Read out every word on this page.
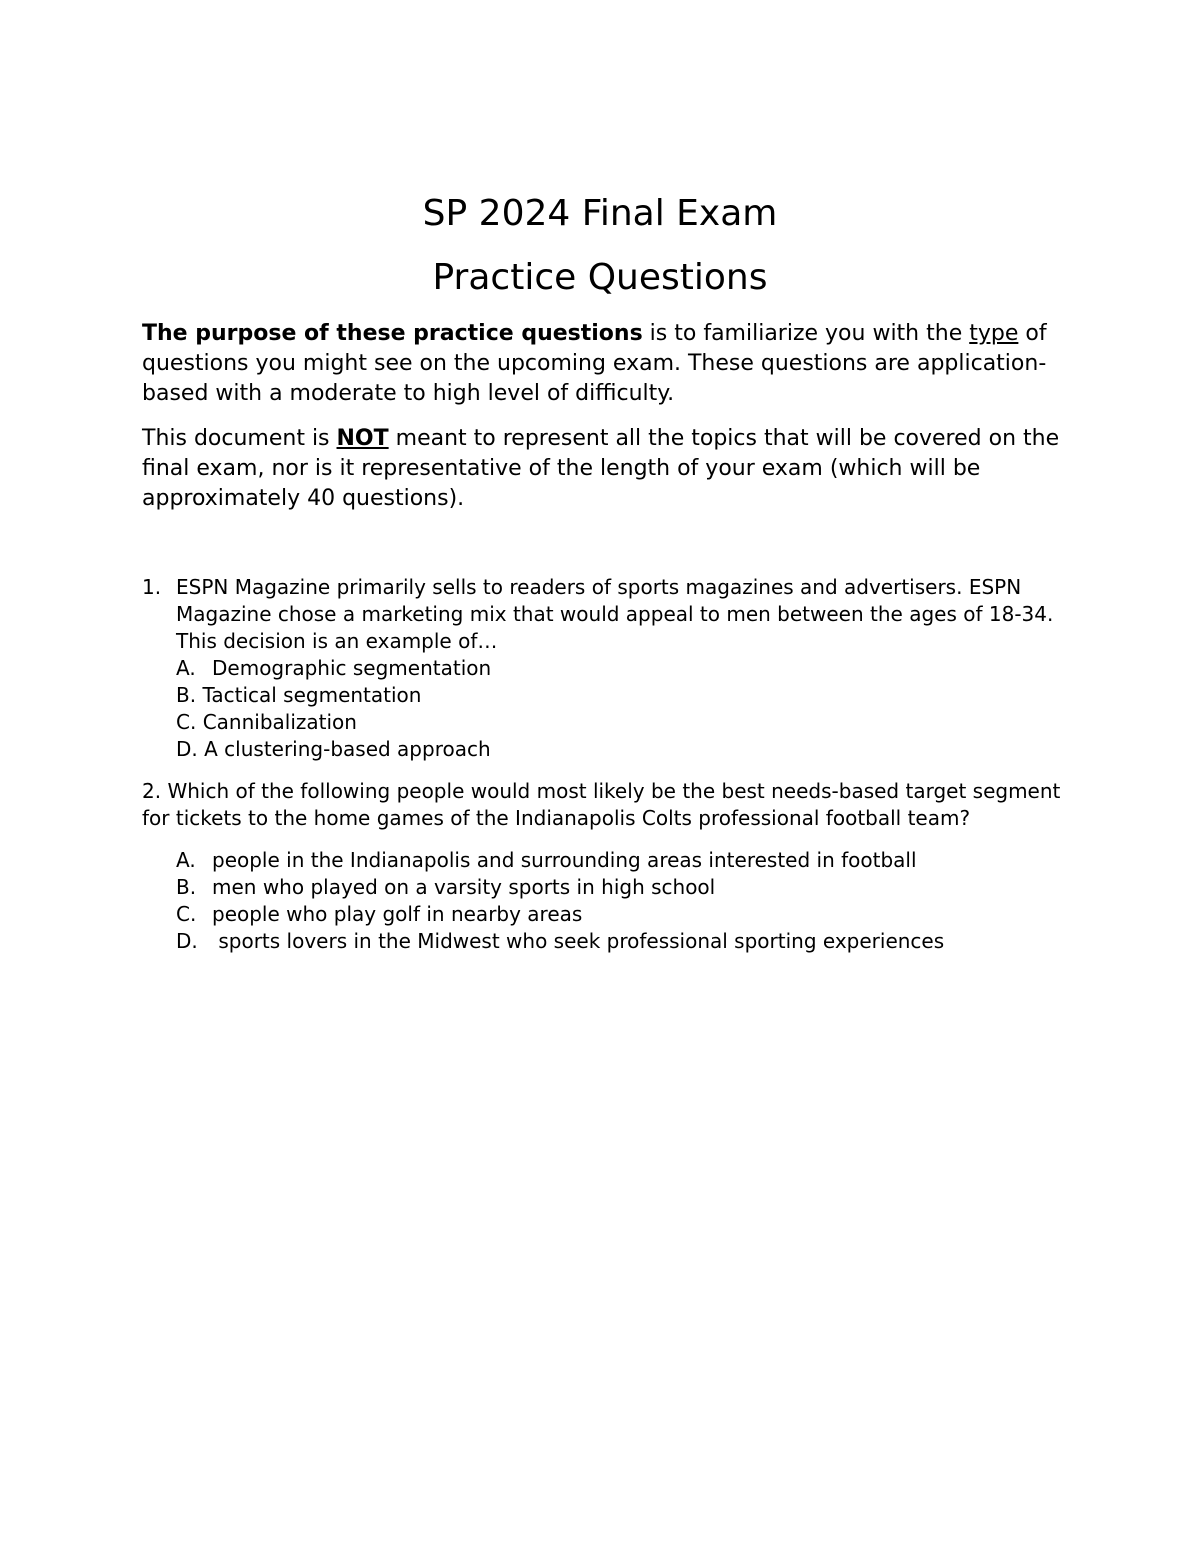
SP 2024 Final Exam
Practice Questions

The purpose of these practice questions is to familiarize you with the type of questions you might see on the upcoming exam. These questions are application-based with a moderate to high level of difficulty.

This document is NOT meant to represent all the topics that will be covered on the final exam, nor is it representative of the length of your exam (which will be approximately 40 questions).

1. ESPN Magazine primarily sells to readers of sports magazines and advertisers. ESPN Magazine chose a marketing mix that would appeal to men between the ages of 18-34. This decision is an example of…
A. Demographic segmentation
B. Tactical segmentation
C. Cannibalization
D. A clustering-based approach
2. Which of the following people would most likely be the best needs-based target segment for tickets to the home games of the Indianapolis Colts professional football team?
A. people in the Indianapolis and surrounding areas interested in football
B. men who played on a varsity sports in high school
C. people who play golf in nearby areas
D. sports lovers in the Midwest who seek professional sporting experiences
